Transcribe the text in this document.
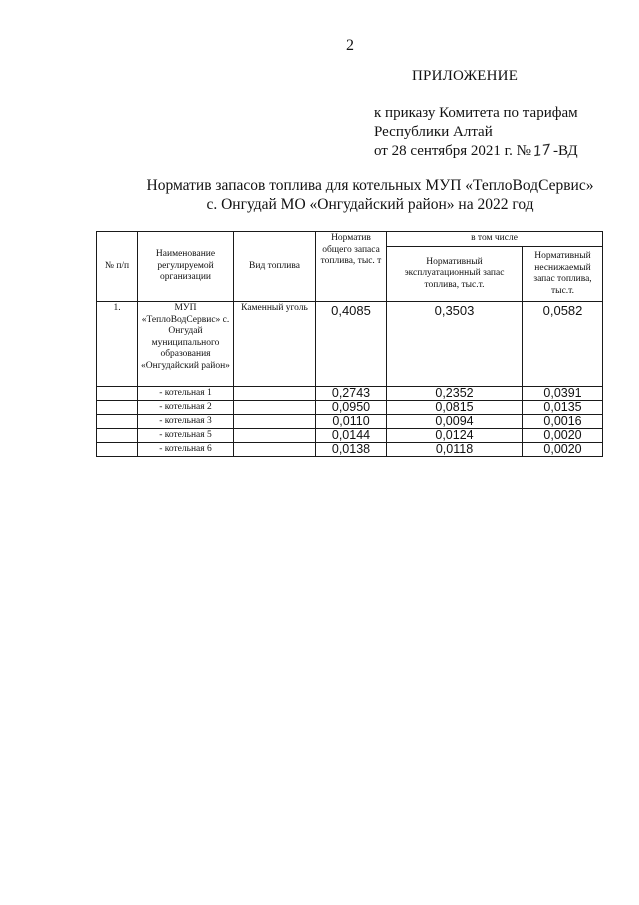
2
ПРИЛОЖЕНИЕ
к приказу Комитета по тарифам
Республики Алтай
от 28 сентября 2021 г. №17-ВД
Норматив запасов топлива для котельных МУП «ТеплоВодСервис»
с. Онгудай МО «Онгудайский район» на 2022 год
№ п/п	Наименование регулируемой организации	Вид топлива	Норматив общего запаса топлива, тыс. т	в том числе	
				Нормативный эксплуатационный запас топлива, тыс.т.	Нормативный неснижаемый запас топлива, тыс.т.
1.	МУП «ТеплоВодСервис» с. Онгудай муниципального образования «Онгудайский район»	Каменный уголь	0,4085	0,3503	0,0582
	- котельная 1		0,2743	0,2352	0,0391
	- котельная 2		0,0950	0,0815	0,0135
	- котельная 3		0,0110	0,0094	0,0016
	- котельная 5		0,0144	0,0124	0,0020
	- котельная 6		0,0138	0,0118	0,0020
